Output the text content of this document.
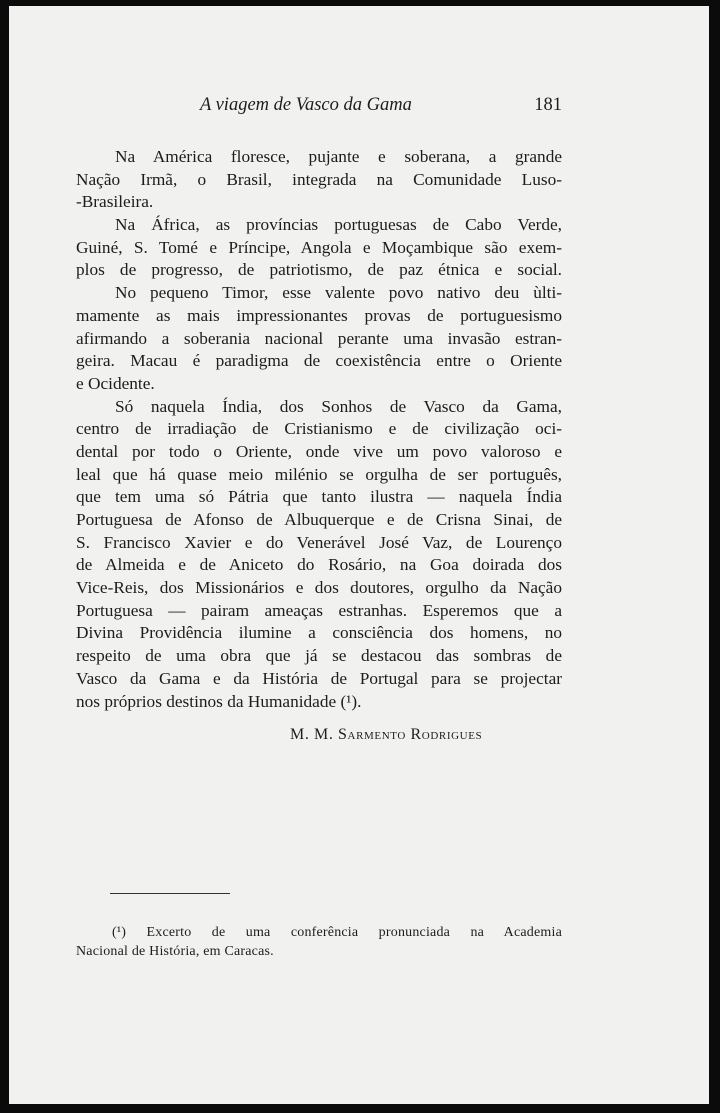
A viagem de Vasco da Gama	181
Na América floresce, pujante e soberana, a grande
Nação Irmã, o Brasil, integrada na Comunidade Luso-
-Brasileira.
Na África, as províncias portuguesas de Cabo Verde,
Guiné, S. Tomé e Príncipe, Angola e Moçambique são exem-
plos de progresso, de patriotismo, de paz étnica e social.
No pequeno Timor, esse valente povo nativo deu ùlti-
mamente as mais impressionantes provas de portuguesismo
afirmando a soberania nacional perante uma invasão estran-
geira. Macau é paradigma de coexistência entre o Oriente
e Ocidente.
Só naquela Índia, dos Sonhos de Vasco da Gama,
centro de irradiação de Cristianismo e de civilização oci-
dental por todo o Oriente, onde vive um povo valoroso e
leal que há quase meio milénio se orgulha de ser português,
que tem uma só Pátria que tanto ilustra — naquela Índia
Portuguesa de Afonso de Albuquerque e de Crisna Sinai, de
S. Francisco Xavier e do Venerável José Vaz, de Lourenço
de Almeida e de Aniceto do Rosário, na Goa doirada dos
Vice-Reis, dos Missionários e dos doutores, orgulho da Nação
Portuguesa — pairam ameaças estranhas. Esperemos que a
Divina Providência ilumine a consciência dos homens, no
respeito de uma obra que já se destacou das sombras de
Vasco da Gama e da História de Portugal para se projectar
nos próprios destinos da Humanidade (¹).
M. M. Sarmento Rodrigues
(¹) Excerto de uma conferência pronunciada na Academia
Nacional de História, em Caracas.
